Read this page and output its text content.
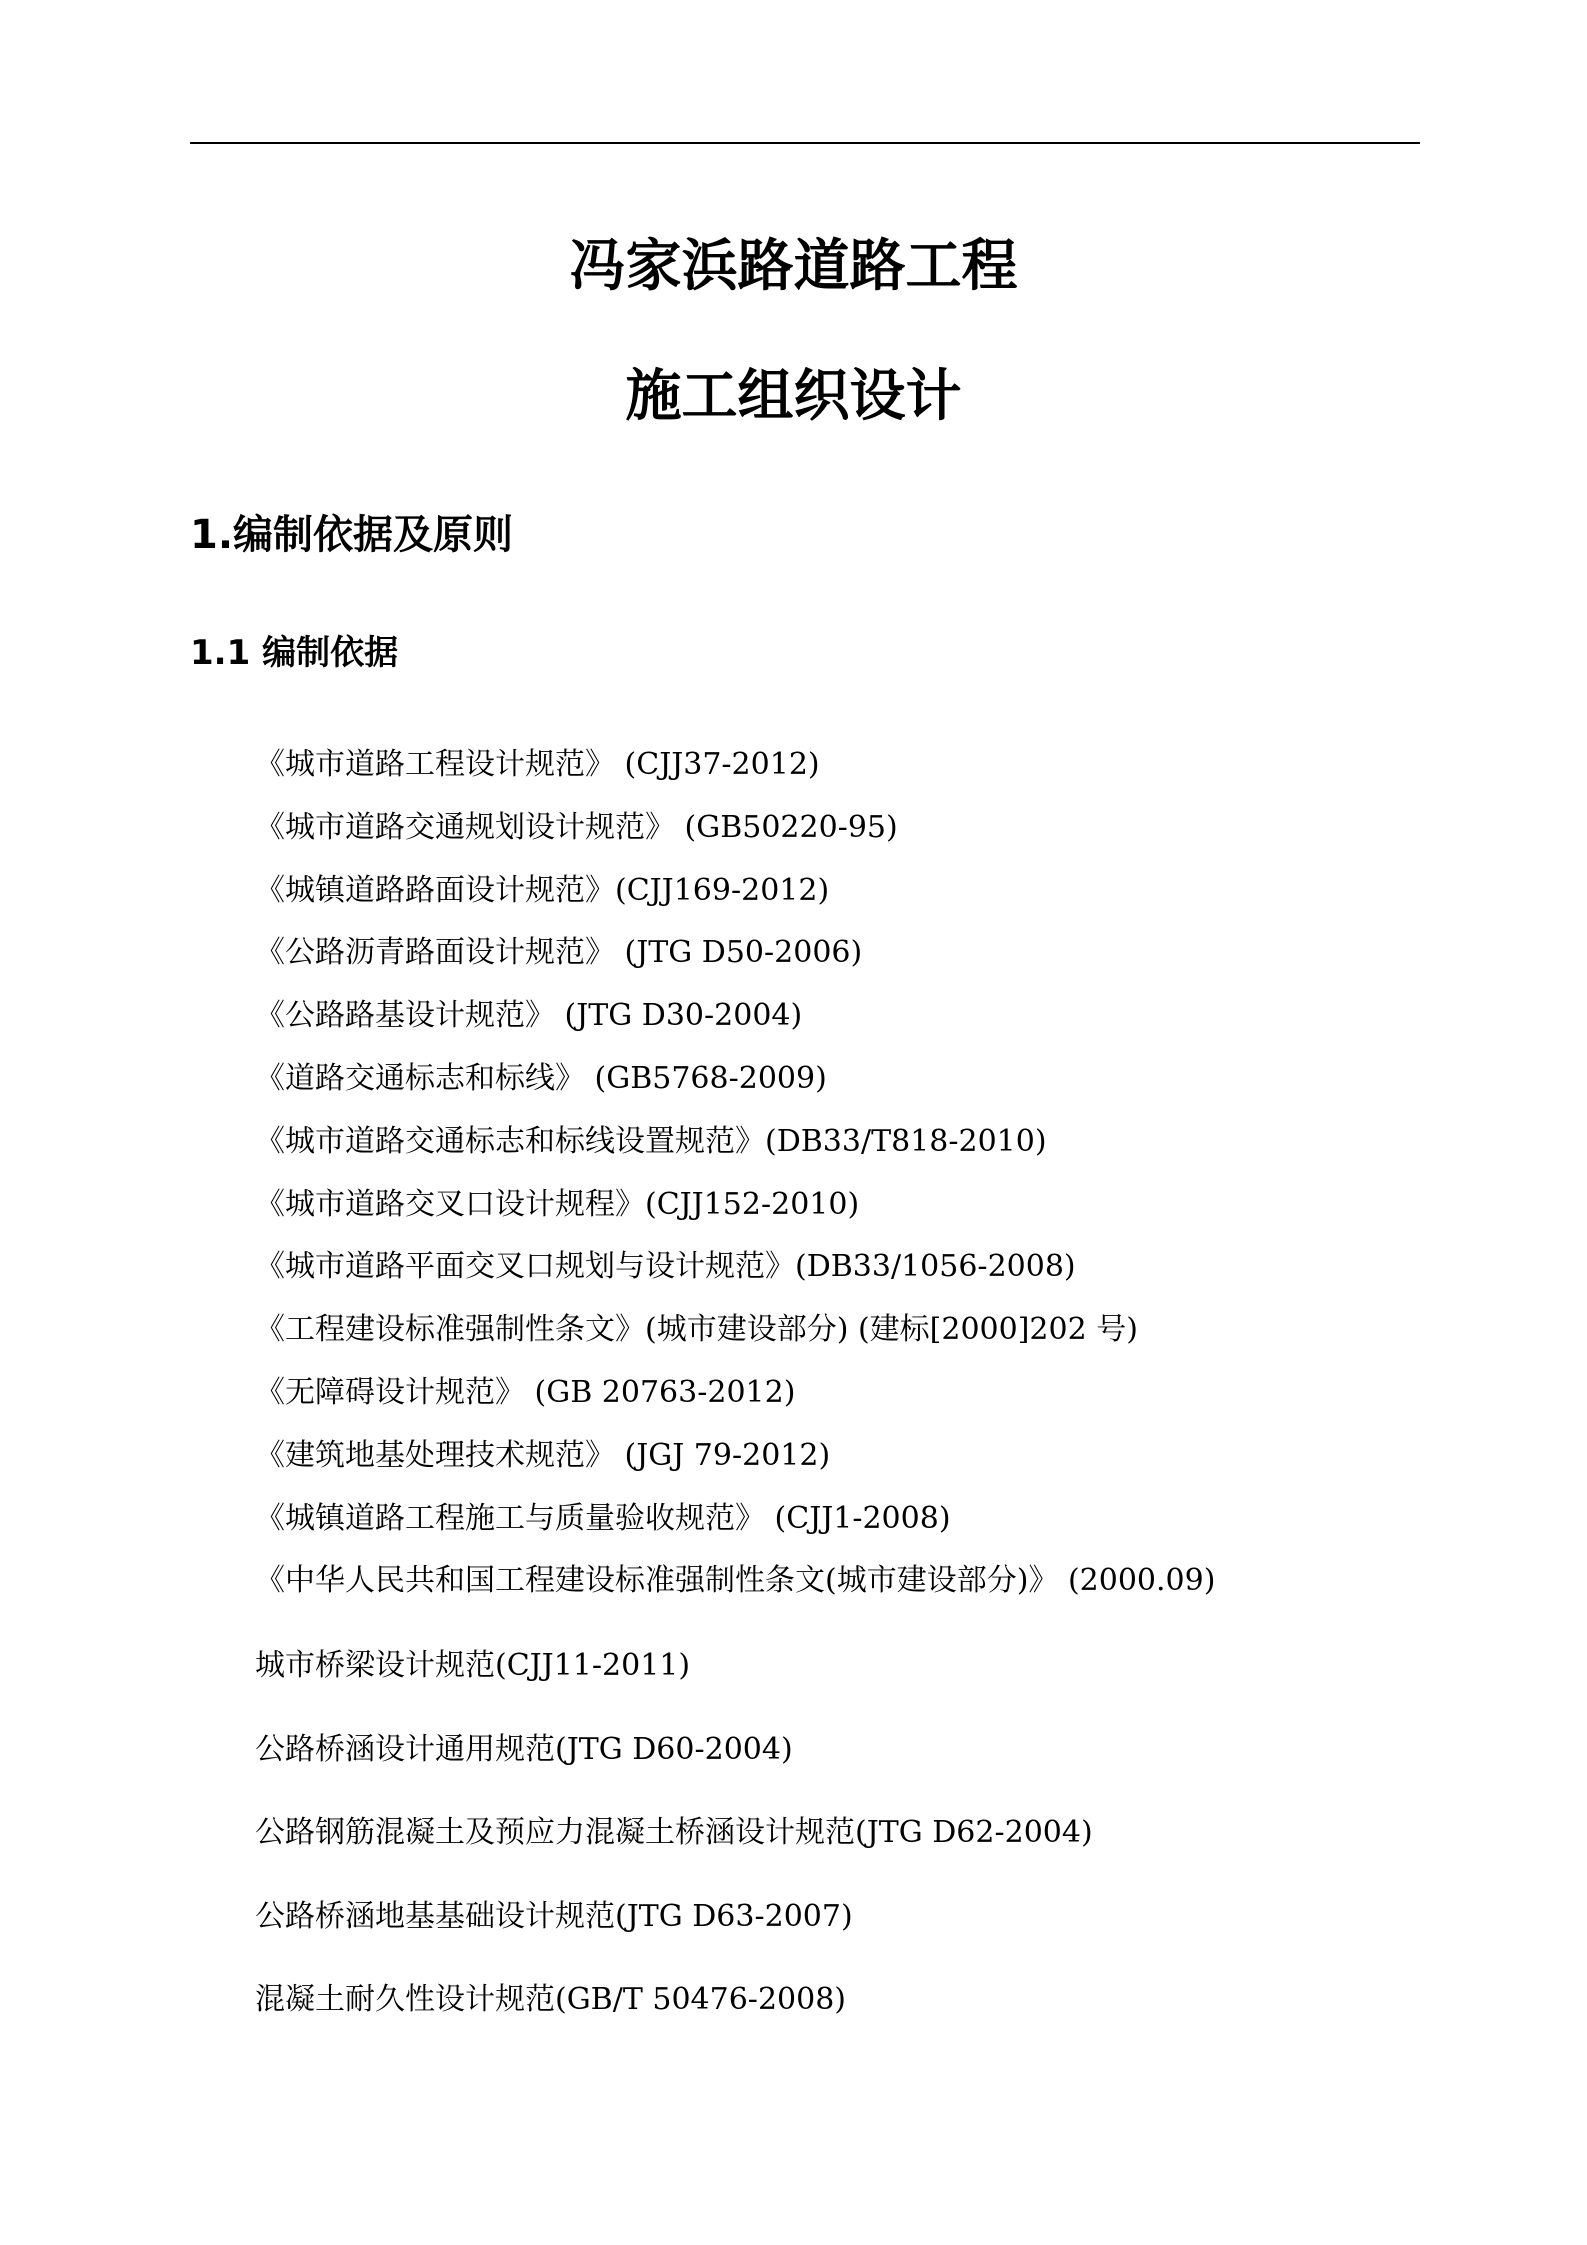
冯家浜路道路工程
施工组织设计
1.编制依据及原则
1.1 编制依据
《城市道路工程设计规范》 (CJJ37-2012)
《城市道路交通规划设计规范》 (GB50220-95)
《城镇道路路面设计规范》(CJJ169-2012)
《公路沥青路面设计规范》 (JTG D50-2006)
《公路路基设计规范》 (JTG D30-2004)
《道路交通标志和标线》 (GB5768-2009)
《城市道路交通标志和标线设置规范》(DB33/T818-2010)
《城市道路交叉口设计规程》(CJJ152-2010)
《城市道路平面交叉口规划与设计规范》(DB33/1056-2008)
《工程建设标准强制性条文》(城市建设部分) (建标[2000]202 号)
《无障碍设计规范》 (GB 20763-2012)
《建筑地基处理技术规范》 (JGJ 79-2012)
《城镇道路工程施工与质量验收规范》 (CJJ1-2008)
《中华人民共和国工程建设标准强制性条文(城市建设部分)》 (2000.09)
城市桥梁设计规范(CJJ11-2011)
公路桥涵设计通用规范(JTG D60-2004)
公路钢筋混凝土及预应力混凝土桥涵设计规范(JTG D62-2004)
公路桥涵地基基础设计规范(JTG D63-2007)
混凝土耐久性设计规范(GB/T 50476-2008)
